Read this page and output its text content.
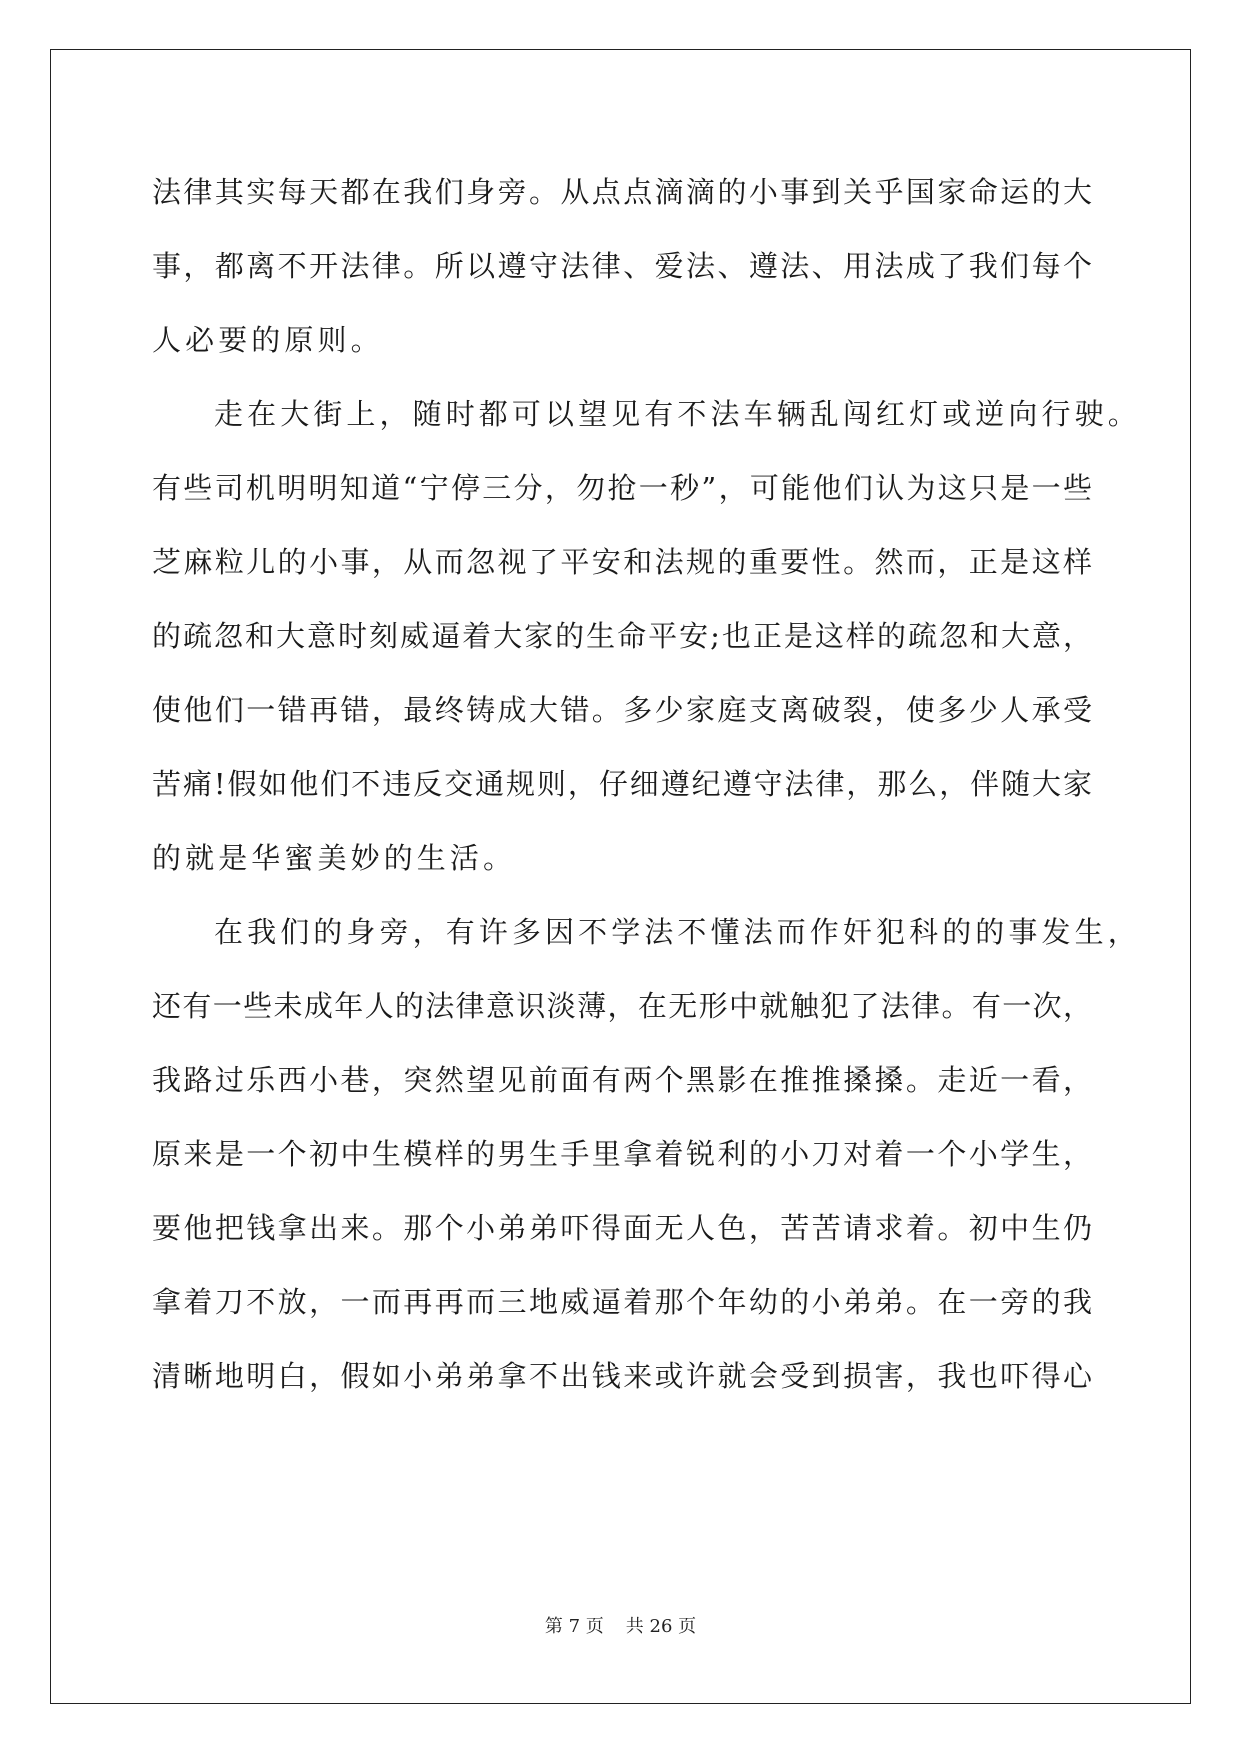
法律其实每天都在我们身旁。从点点滴滴的小事到关乎国家命运的大
事，都离不开法律。所以遵守法律、爱法、遵法、用法成了我们每个
人必要的原则。
走在大街上，随时都可以望见有不法车辆乱闯红灯或逆向行驶。
有些司机明明知道“宁停三分，勿抢一秒”，可能他们认为这只是一些
芝麻粒儿的小事，从而忽视了平安和法规的重要性。然而，正是这样
的疏忽和大意时刻威逼着大家的生命平安;也正是这样的疏忽和大意，
使他们一错再错，最终铸成大错。多少家庭支离破裂，使多少人承受
苦痛!假如他们不违反交通规则，仔细遵纪遵守法律，那么，伴随大家
的就是华蜜美妙的生活。
在我们的身旁，有许多因不学法不懂法而作奸犯科的的事发生，
还有一些未成年人的法律意识淡薄，在无形中就触犯了法律。有一次，
我路过乐西小巷，突然望见前面有两个黑影在推推搡搡。走近一看，
原来是一个初中生模样的男生手里拿着锐利的小刀对着一个小学生，
要他把钱拿出来。那个小弟弟吓得面无人色，苦苦请求着。初中生仍
拿着刀不放，一而再再而三地威逼着那个年幼的小弟弟。在一旁的我
清晰地明白，假如小弟弟拿不出钱来或许就会受到损害，我也吓得心
第 7 页 共 26 页
